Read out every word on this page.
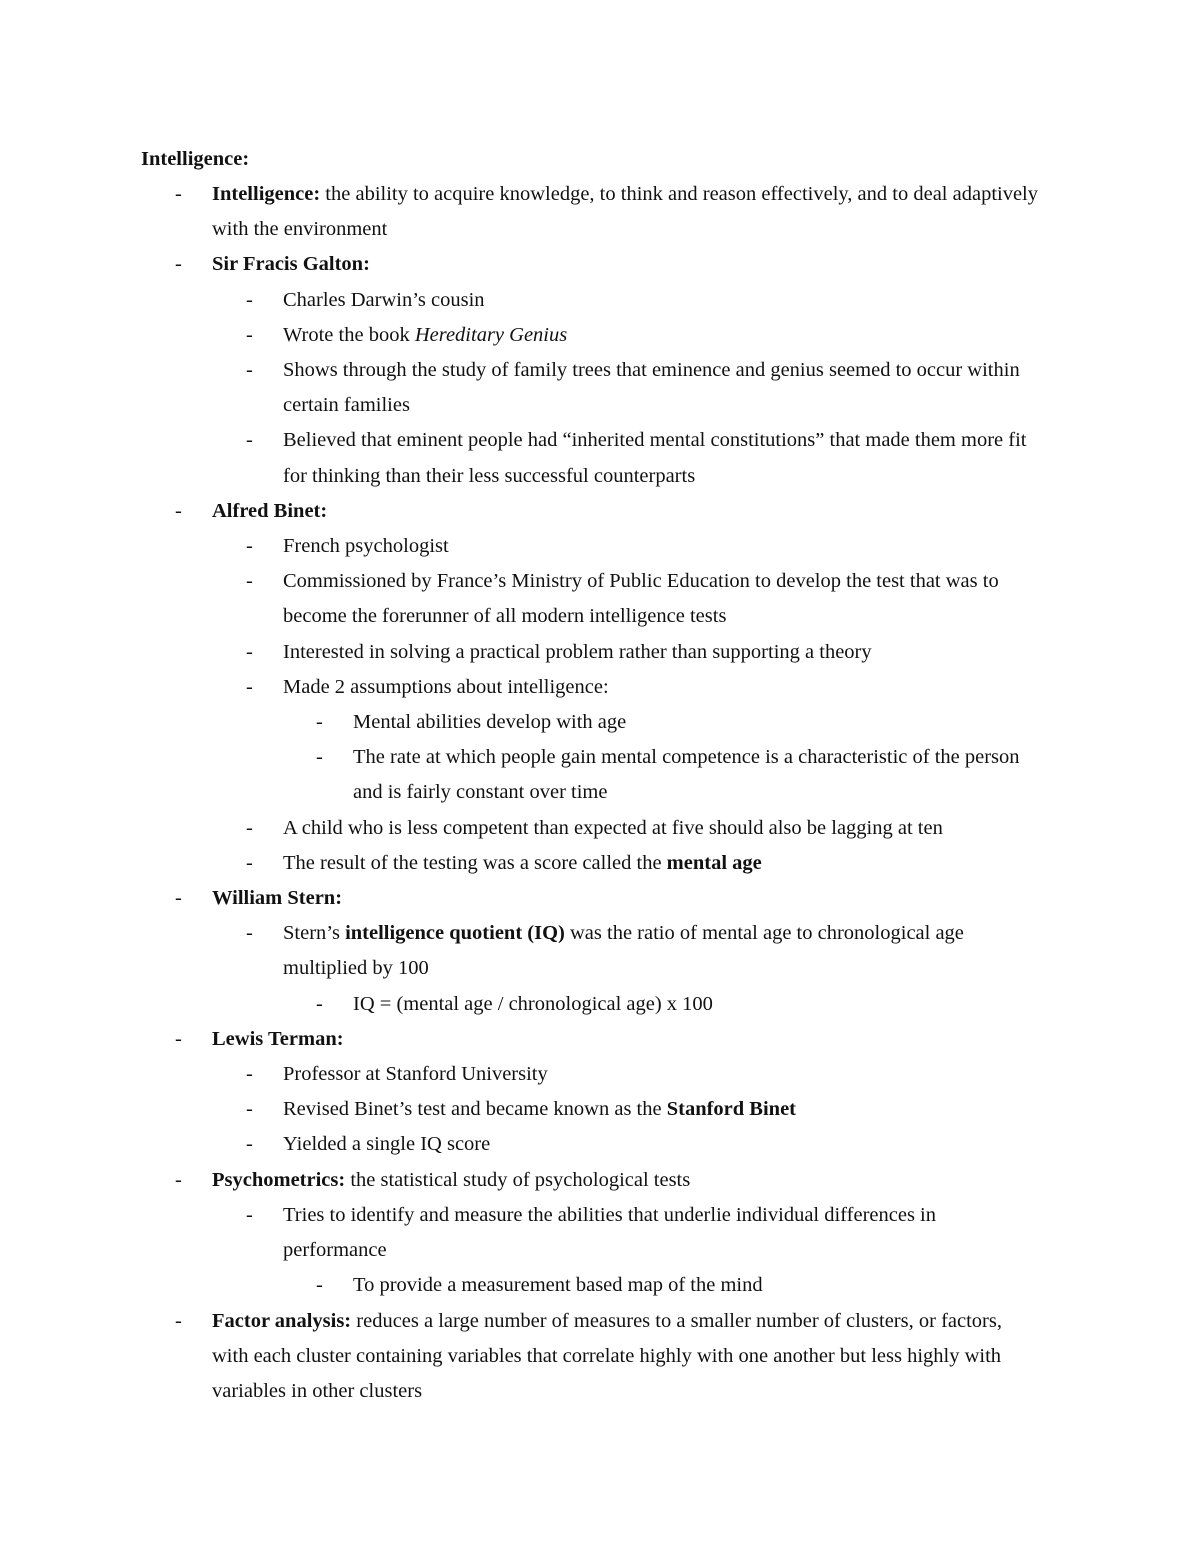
Intelligence:

- Intelligence: the ability to acquire knowledge, to think and reason effectively, and to deal adaptively with the environment
- Sir Fracis Galton:
- Charles Darwin’s cousin
- Wrote the book Hereditary Genius
- Shows through the study of family trees that eminence and genius seemed to occur within certain families
- Believed that eminent people had “inherited mental constitutions” that made them more fit for thinking than their less successful counterparts
- Alfred Binet:
- French psychologist
- Commissioned by France’s Ministry of Public Education to develop the test that was to become the forerunner of all modern intelligence tests
- Interested in solving a practical problem rather than supporting a theory
- Made 2 assumptions about intelligence:
- Mental abilities develop with age
- The rate at which people gain mental competence is a characteristic of the person and is fairly constant over time
- A child who is less competent than expected at five should also be lagging at ten
- The result of the testing was a score called the mental age
- William Stern:
- Stern’s intelligence quotient (IQ) was the ratio of mental age to chronological age multiplied by 100
- IQ = (mental age / chronological age) x 100
- Lewis Terman:
- Professor at Stanford University
- Revised Binet’s test and became known as the Stanford Binet
- Yielded a single IQ score
- Psychometrics: the statistical study of psychological tests
- Tries to identify and measure the abilities that underlie individual differences in performance
- To provide a measurement based map of the mind
- Factor analysis: reduces a large number of measures to a smaller number of clusters, or factors, with each cluster containing variables that correlate highly with one another but less highly with variables in other clusters
